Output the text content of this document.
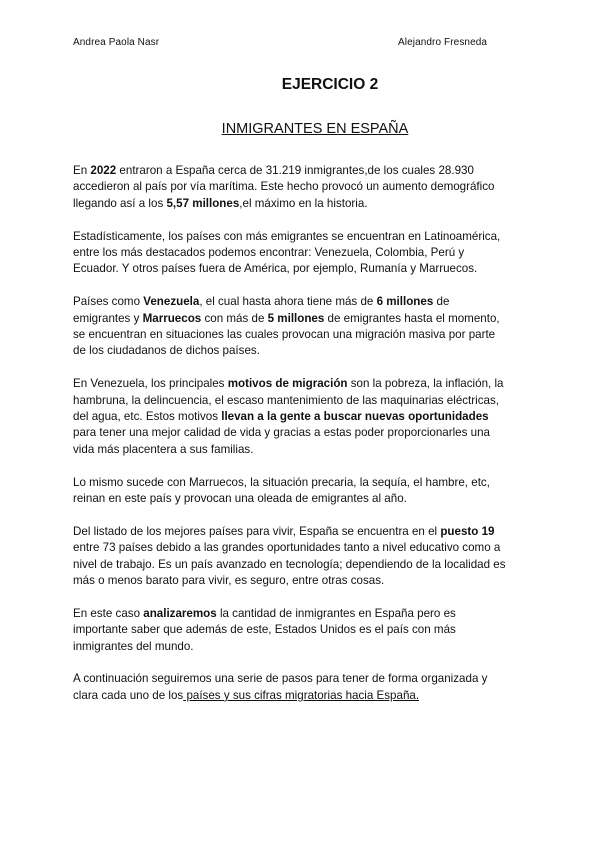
Andrea Paola Nasr	Alejandro Fresneda
EJERCICIO 2
INMIGRANTES EN ESPAÑA

En 2022 entraron a España cerca de 31.219 inmigrantes,de los cuales 28.930
accedieron al país por vía marítima. Este hecho provocó un aumento demográfico
llegando así a los 5,57 millones,el máximo en la historia.

Estadísticamente, los países con más emigrantes se encuentran en Latinoamérica,
entre los más destacados podemos encontrar: Venezuela, Colombia, Perú y
Ecuador. Y otros países fuera de América, por ejemplo, Rumanía y Marruecos.

Países como Venezuela, el cual hasta ahora tiene más de 6 millones de
emigrantes y Marruecos con más de 5 millones de emigrantes hasta el momento,
se encuentran en situaciones las cuales provocan una migración masiva por parte
de los ciudadanos de dichos países.

En Venezuela, los principales motivos de migración son la pobreza, la inflación, la
hambruna, la delincuencia, el escaso mantenimiento de las maquinarias eléctricas,
del agua, etc. Estos motivos llevan a la gente a buscar nuevas oportunidades
para tener una mejor calidad de vida y gracias a estas poder proporcionarles una
vida más placentera a sus familias.

Lo mismo sucede con Marruecos, la situación precaria, la sequía, el hambre, etc,
reinan en este país y provocan una oleada de emigrantes al año.

Del listado de los mejores países para vivir, España se encuentra en el puesto 19
entre 73 países debido a las grandes oportunidades tanto a nivel educativo como a
nivel de trabajo. Es un país avanzado en tecnología; dependiendo de la localidad es
más o menos barato para vivir, es seguro, entre otras cosas.

En este caso analizaremos la cantidad de inmigrantes en España pero es
importante saber que además de este, Estados Unidos es el país con más
inmigrantes del mundo.

A continuación seguiremos una serie de pasos para tener de forma organizada y
clara cada uno de los países y sus cifras migratorias hacia España.
